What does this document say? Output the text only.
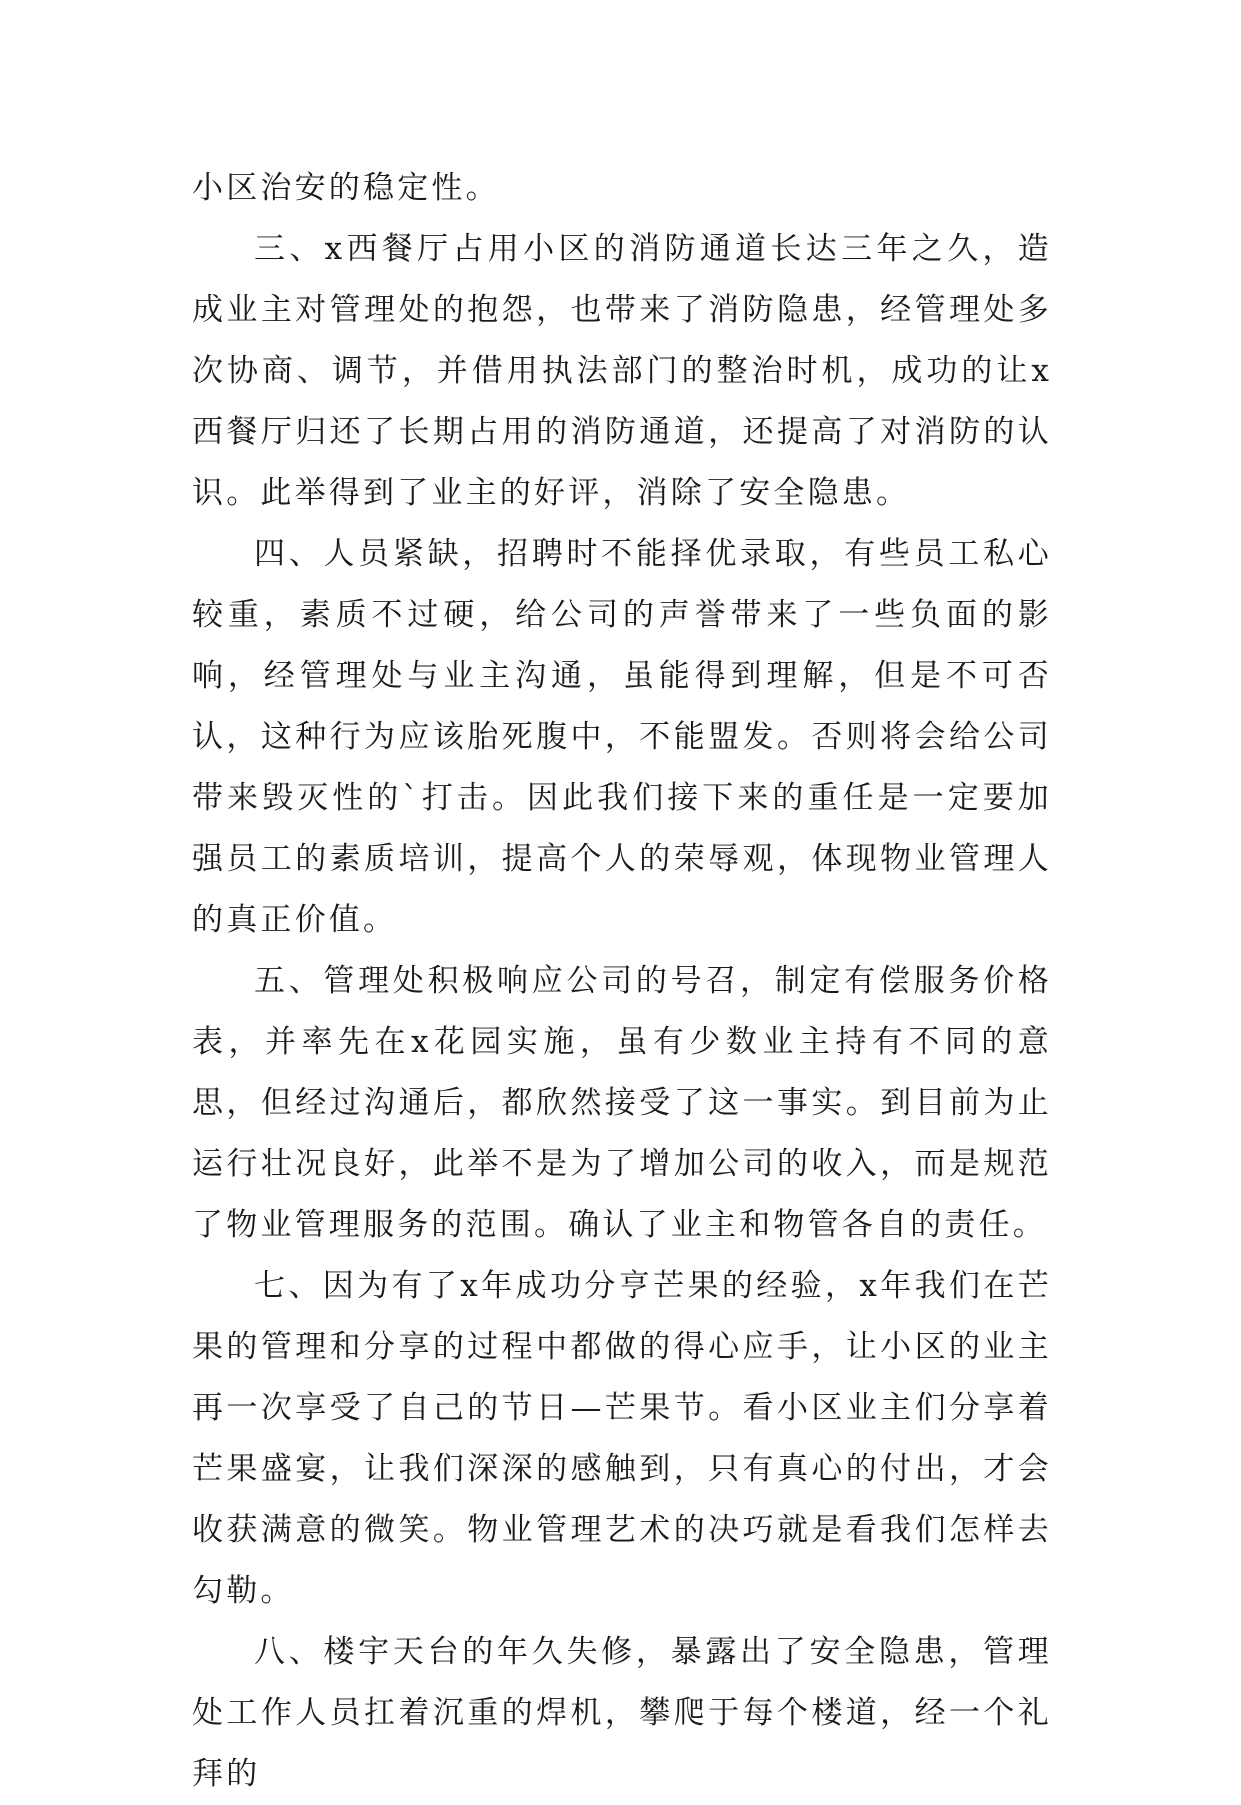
小区治安的稳定性。

三、x西餐厅占用小区的消防通道长达三年之久，造成业主对管理处的抱怨，也带来了消防隐患，经管理处多次协商、调节，并借用执法部门的整治时机，成功的让x西餐厅归还了长期占用的消防通道，还提高了对消防的认识。此举得到了业主的好评，消除了安全隐患。

四、人员紧缺，招聘时不能择优录取，有些员工私心较重，素质不过硬，给公司的声誉带来了一些负面的影响，经管理处与业主沟通，虽能得到理解，但是不可否认，这种行为应该胎死腹中，不能盟发。否则将会给公司带来毁灭性的`打击。因此我们接下来的重任是一定要加强员工的素质培训，提高个人的荣辱观，体现物业管理人的真正价值。

五、管理处积极响应公司的号召，制定有偿服务价格表，并率先在x花园实施，虽有少数业主持有不同的意思，但经过沟通后，都欣然接受了这一事实。到目前为止运行壮况良好，此举不是为了增加公司的收入，而是规范了物业管理服务的范围。确认了业主和物管各自的责任。

七、因为有了x年成功分亨芒果的经验，x年我们在芒果的管理和分享的过程中都做的得心应手，让小区的业主再一次享受了自己的节日—芒果节。看小区业主们分享着芒果盛宴，让我们深深的感触到，只有真心的付出，才会收获满意的微笑。物业管理艺术的决巧就是看我们怎样去勾勒。

八、楼宇天台的年久失修，暴露出了安全隐患，管理处工作人员扛着沉重的焊机，攀爬于每个楼道，经一个礼拜的
